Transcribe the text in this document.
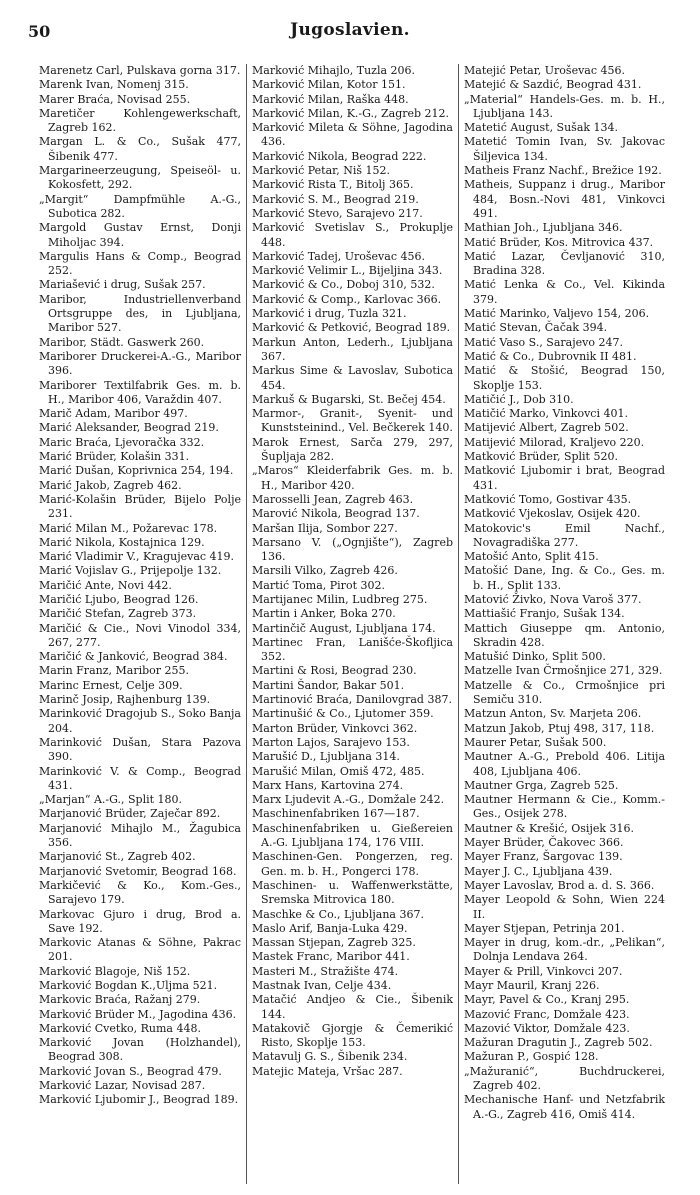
50	Jugoslavien.

Marenetz Carl, Pulskava gorna 317.

Marenk Ivan, Nomenj 315.

Marer Braća, Novisad 255.

Maretičer Kohlengewerkschaft, Zagreb 162.

Margan L. & Co., Sušak 477, Šibenik 477.

Margarineerzeugung, Speiseöl- u. Kokosfett, 292.

„Margit“ Dampfmühle A.-G., Subotica 282.

Margold Gustav Ernst, Donji Miholjac 394.

Margulis Hans & Comp., Beograd 252.

Mariašević i drug, Sušak 257.

Maribor, Industriellenverband Ortsgruppe des, in Ljubljana, Maribor 527.

Maribor, Städt. Gaswerk 260.

Mariborer Druckerei-A.-G., Maribor 396.

Mariborer Textilfabrik Ges. m. b. H., Maribor 406, Varaždin 407.

Marič Adam, Maribor 497.

Marić Aleksander, Beograd 219.

Maric Braća, Ljevoračka 332.

Marić Brüder, Kolašin 331.

Marić Dušan, Koprivnica 254, 194.

Marić Jakob, Zagreb 462.

Marić-Kolašin Brüder, Bijelo Polje 231.

Marić Milan M., Požarevac 178.

Marić Nikola, Kostajnica 129.

Marić Vladimir V., Kragujevac 419.

Marić Vojislav G., Prijepolje 132.

Maričić Ante, Novi 442.

Maričić Ljubo, Beograd 126.

Maričić Stefan, Zagreb 373.

Maričić & Cie., Novi Vinodol 334, 267, 277.

Maričić & Janković, Beograd 384.

Marin Franz, Maribor 255.

Marinc Ernest, Celje 309.

Marinč Josip, Rajhenburg 139.

Marinković Dragojub S., Soko Banja 204.

Marinković Dušan, Stara Pazova 390.

Marinković V. & Comp., Beograd 431.

„Marjan“ A.-G., Split 180.

Marjanović Brüder, Zaječar 892.

Marjanović Mihajlo M., Žagubica 356.

Marjanović St., Zagreb 402.

Marjanović Svetomir, Beograd 168.

Markičević & Ko., Kom.-Ges., Sarajevo 179.

Markovac Gjuro i drug, Brod a. Save 192.

Markovic Atanas & Söhne, Pakrac 201.

Marković Blagoje, Niš 152.

Marković Bogdan K.,Uljma 521.

Markovic Braća, Ražanj 279.

Marković Brüder M., Jagodina 436.

Marković Cvetko, Ruma 448.

Marković Jovan (Holzhandel), Beograd 308.

Marković Jovan S., Beograd 479.

Marković Lazar, Novisad 287.

Marković Ljubomir J., Beograd 189.

Marković Mihajlo, Tuzla 206.

Marković Milan, Kotor 151.

Marković Milan, Raška 448.

Marković Milan, K.-G., Zagreb 212.

Marković Mileta & Söhne, Jagodina 436.

Marković Nikola, Beograd 222.

Marković Petar, Niš 152.

Marković Rista T., Bitolj 365.

Marković S. M., Beograd 219.

Marković Stevo, Sarajevo 217.

Marković Svetislav S., Prokuplje 448.

Marković Tadej, Uroševac 456.

Marković Velimir L., Bijeljina 343.

Marković & Co., Doboj 310, 532.

Marković & Comp., Karlovac 366.

Marković i drug, Tuzla 321.

Marković & Petković, Beograd 189.

Markun Anton, Lederh., Ljubljana 367.

Markus Sime & Lavoslav, Subotica 454.

Markuš & Bugarski, St. Bečej 454.

Marmor-, Granit-, Syenit- und Kunststeinind., Vel. Bečkerek 140.

Marok Ernest, Sarča 279, 297, Šupljaja 282.

„Maros“ Kleiderfabrik Ges. m. b. H., Maribor 420.

Marosselli Jean, Zagreb 463.

Marović Nikola, Beograd 137.

Maršan Ilija, Sombor 227.

Marsano V. („Ognjište“), Zagreb 136.

Marsili Vilko, Zagreb 426.

Martić Toma, Pirot 302.

Martijanec Milin, Ludbreg 275.

Martin i Anker, Boka 270.

Martinčič August, Ljubljana 174.

Martinec Fran, Lanišće-Škofljica 352.

Martini & Rosi, Beograd 230.

Martini Šandor, Bakar 501.

Martinović Braća, Danilovgrad 387.

Martinušić & Co., Ljutomer 359.

Marton Brüder, Vinkovci 362.

Marton Lajos, Sarajevo 153.

Marušić D., Ljubljana 314.

Marušić Milan, Omiš 472, 485.

Marx Hans, Kartovina 274.

Marx Ljudevit A.-G., Domžale 242.

Maschinenfabriken 167—187.

Maschinenfabriken u. Gießereien A.-G. Ljubljana 174, 176 VIII.

Maschinen-Gen. Pongerzen, reg. Gen. m. b. H., Pongerci 178.

Maschinen- u. Waffenwerkstätte, Sremska Mitrovica 180.

Maschke & Co., Ljubljana 367.

Maslo Arif, Banja-Luka 429.

Massan Stjepan, Zagreb 325.

Mastek Franc, Maribor 441.

Masteri M., Stražište 474.

Mastnak Ivan, Celje 434.

Matačić Andjeo & Cie., Šibenik 144.

Matakovič Gjorgje & Čemerikić Risto, Skoplje 153.

Matavulj G. S., Šibenik 234.

Matejic Mateja, Vršac 287.

Matejić Petar, Uroševac 456.

Matejić & Sazdić, Beograd 431.

„Material“ Handels-Ges. m. b. H., Ljubljana 143.

Matetić August, Sušak 134.

Matetić Tomin Ivan, Sv. Jakovac Šiljevica 134.

Matheis Franz Nachf., Brežice 192.

Matheis, Suppanz i drug., Maribor 484, Bosn.-Novi 481, Vinkovci 491.

Mathian Joh., Ljubljana 346.

Matić Brüder, Kos. Mitrovica 437.

Matić Lazar, Čevljanović 310, Bradina 328.

Matić Lenka & Co., Vel. Kikinda 379.

Matić Marinko, Valjevo 154, 206.

Matić Stevan, Čačak 394.

Matić Vaso S., Sarajevo 247.

Matić & Co., Dubrovnik II 481.

Matić & Stošić, Beograd 150, Skoplje 153.

Matičić J., Dob 310.

Matičić Marko, Vinkovci 401.

Matijević Albert, Zagreb 502.

Matijević Milorad, Kraljevo 220.

Matković Brüder, Split 520.

Matković Ljubomir i brat, Beograd 431.

Matković Tomo, Gostivar 435.

Matković Vjekoslav, Osijek 420.

Matokovic's Emil Nachf., Novagradiška 277.

Matošić Anto, Split 415.

Matošić Dane, Ing. & Co., Ges. m. b. H., Split 133.

Matović Živko, Nova Varoš 377.

Mattiašić Franjo, Sušak 134.

Mattich Giuseppe qm. Antonio, Skradin 428.

Matušić Dinko, Split 500.

Matzelle Ivan Črmošnjice 271, 329.

Matzelle & Co., Crmošnjice pri Semiču 310.

Matzun Anton, Sv. Marjeta 206.

Matzun Jakob, Ptuj 498, 317, 118.

Maurer Petar, Sušak 500.

Mautner A.-G., Prebold 406. Litija 408, Ljubljana 406.

Mautner Grga, Zagreb 525.

Mautner Hermann & Cie., Komm.-Ges., Osijek 278.

Mautner & Krešić, Osijek 316.

Mayer Brüder, Čakovec 366.

Mayer Franz, Šargovac 139.

Mayer J. C., Ljubljana 439.

Mayer Lavoslav, Brod a. d. S. 366.

Mayer Leopold & Sohn, Wien 224 II.

Mayer Stjepan, Petrinja 201.

Mayer in drug, kom.-dr., „Pelikan“, Dolnja Lendava 264.

Mayer & Prill, Vinkovci 207.

Mayr Mauril, Kranj 226.

Mayr, Pavel & Co., Kranj 295.

Mazović Franc, Domžale 423.

Mazović Viktor, Domžale 423.

Mažuran Dragutin J., Zagreb 502.

Mažuran P., Gospić 128.

„Mažuranić“, Buchdruckerei, Zagreb 402.

Mechanische Hanf- und Netzfabrik A.-G., Zagreb 416, Omiš 414.
